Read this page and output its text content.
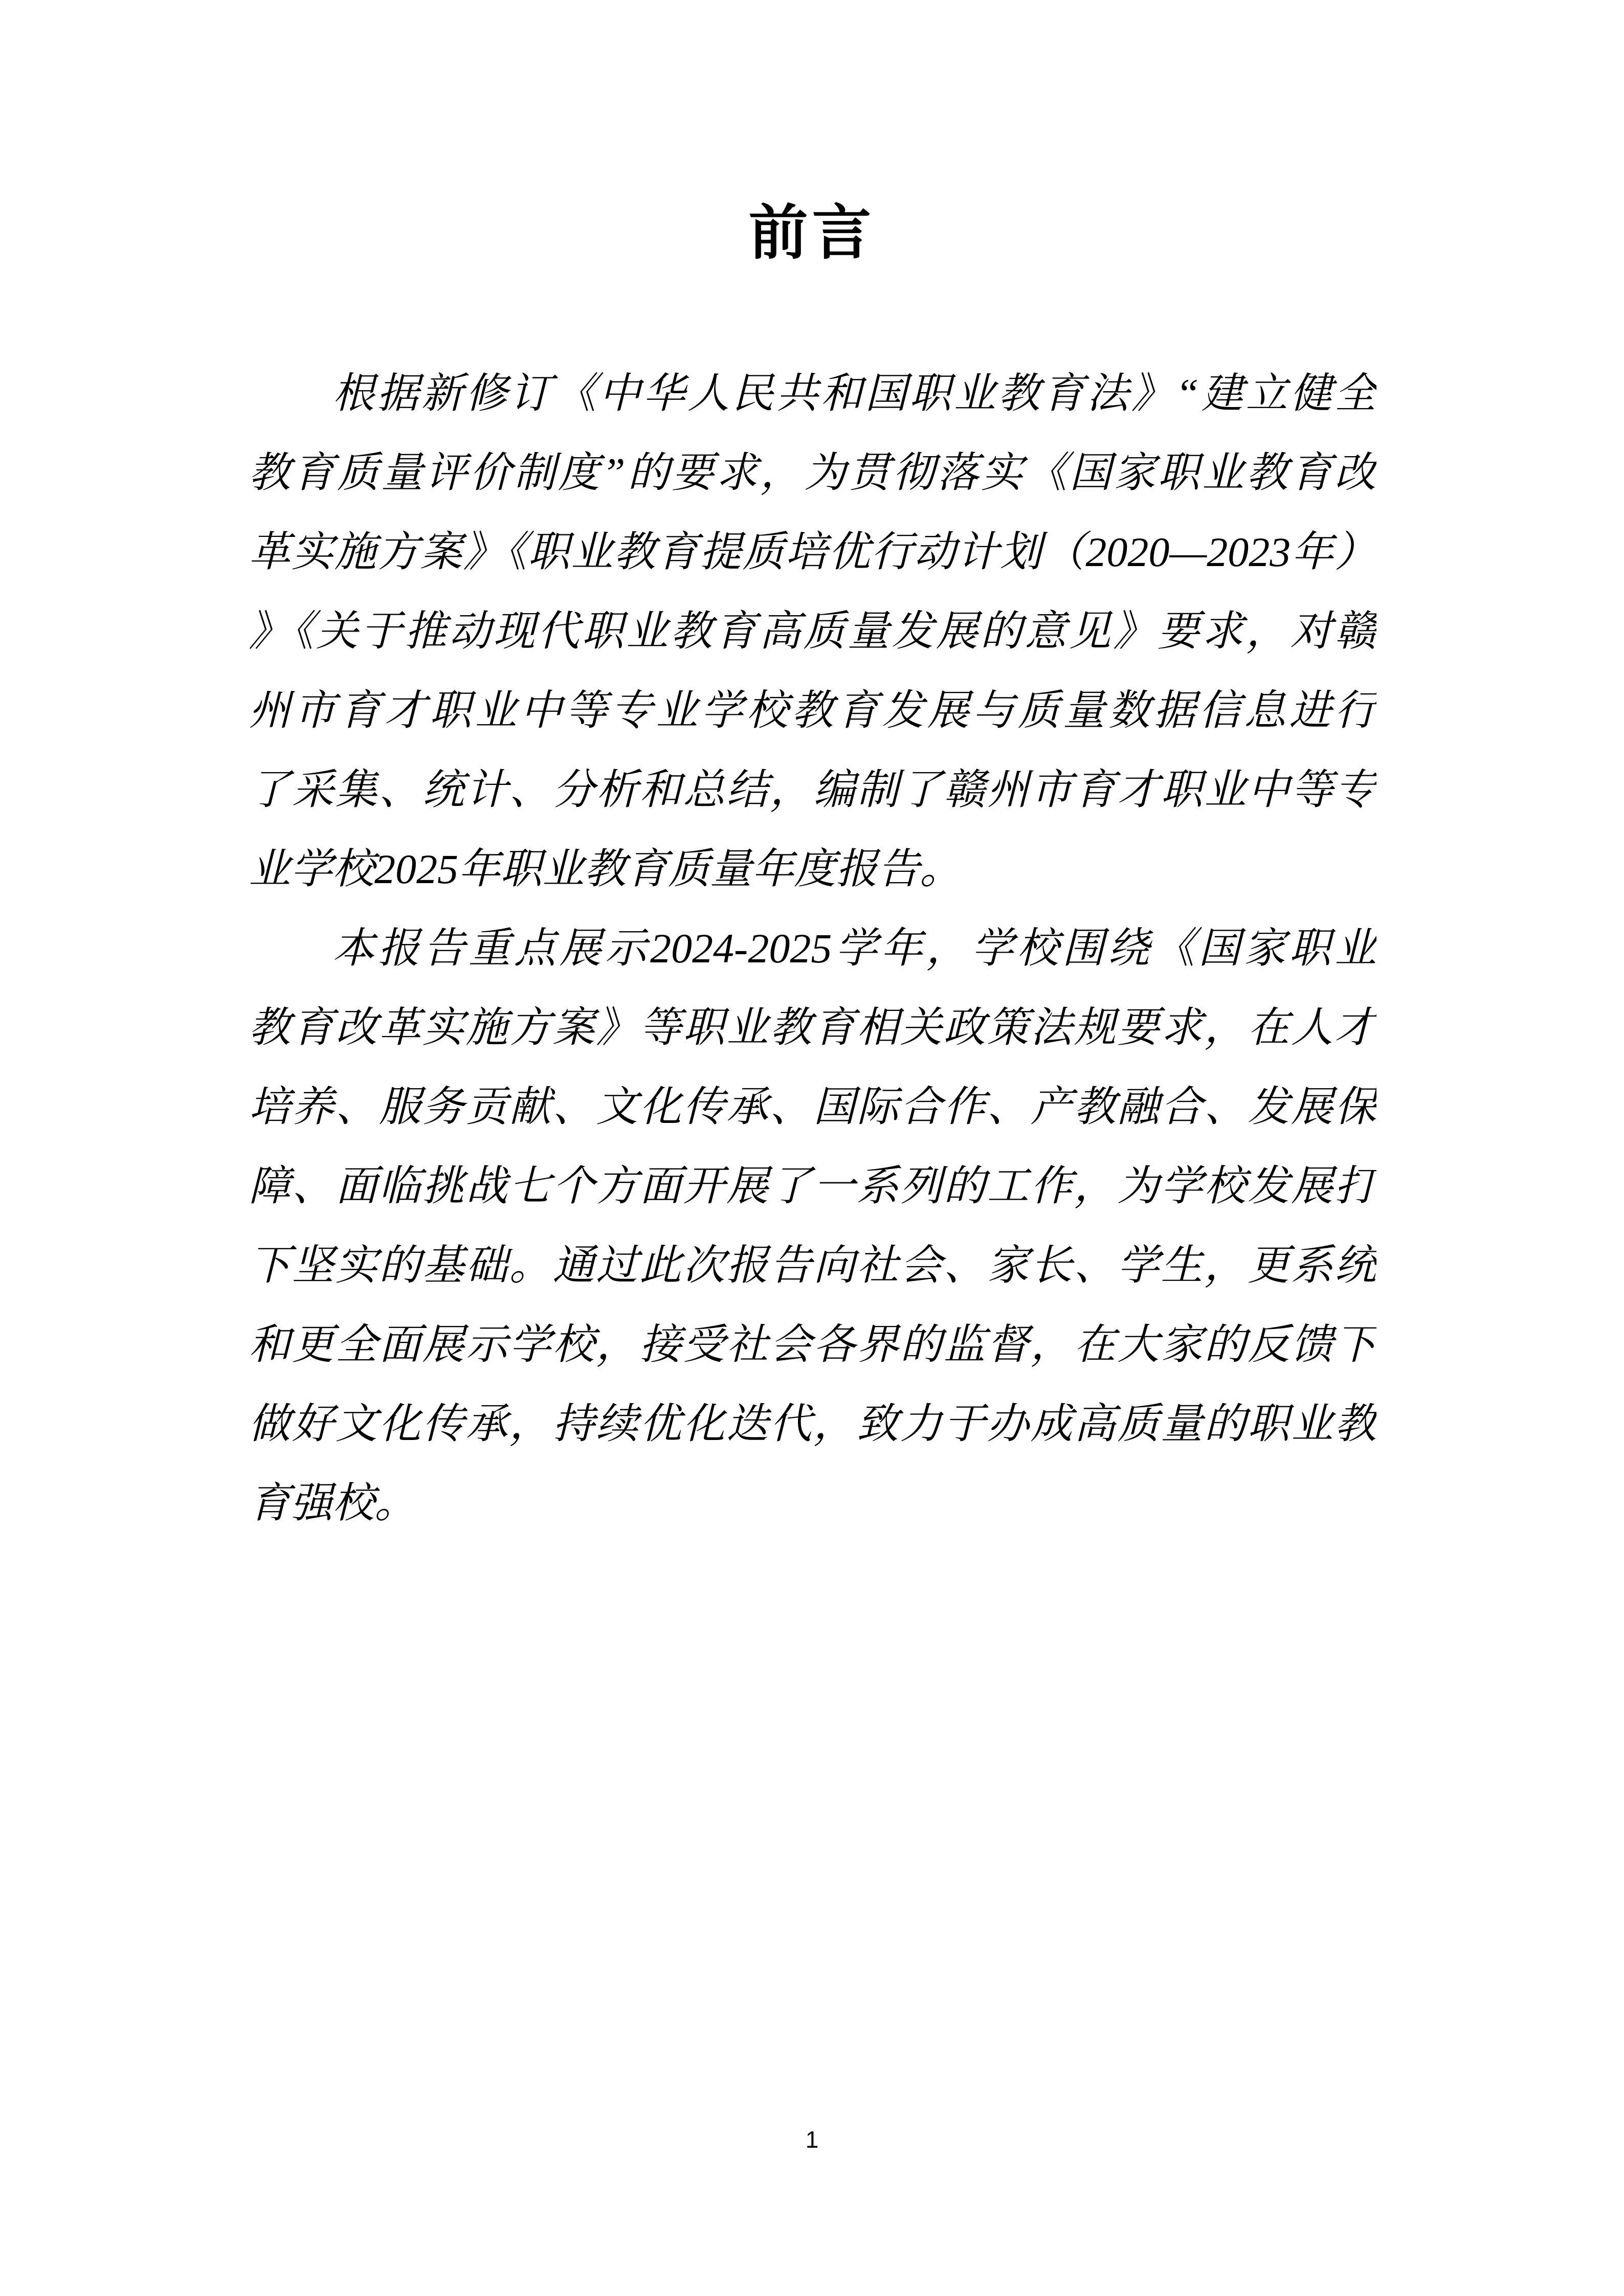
前言
根据新修订《中华人民共和国职业教育法》“建立健全
教育质量评价制度”的要求，为贯彻落实《国家职业教育改
革实施方案》《职业教育提质培优行动计划（2020—2023年）
》《关于推动现代职业教育高质量发展的意见》要求，对赣
州市育才职业中等专业学校教育发展与质量数据信息进行
了采集、统计、分析和总结，编制了赣州市育才职业中等专
业学校2025年职业教育质量年度报告。
本报告重点展示2024-2025学年，学校围绕《国家职业
教育改革实施方案》等职业教育相关政策法规要求，在人才
培养、服务贡献、文化传承、国际合作、产教融合、发展保
障、面临挑战七个方面开展了一系列的工作，为学校发展打
下坚实的基础。通过此次报告向社会、家长、学生，更系统
和更全面展示学校，接受社会各界的监督，在大家的反馈下
做好文化传承，持续优化迭代，致力于办成高质量的职业教
育强校。
1
